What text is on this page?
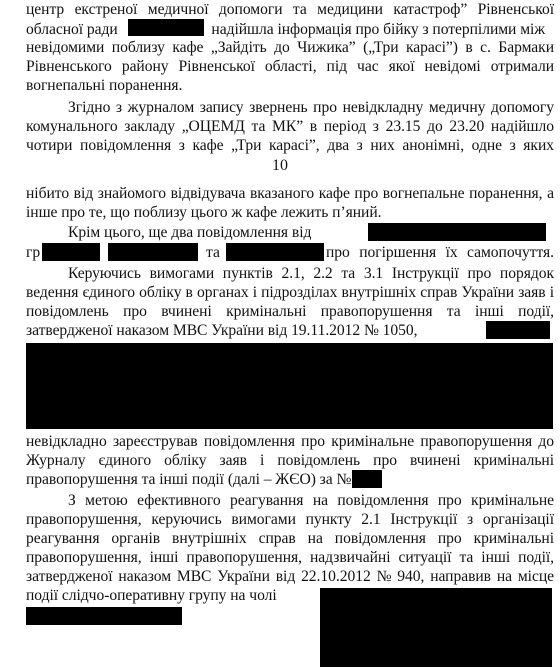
центр екстреної медичної допомоги та медицини катастроф” Рівненської
обласної ради	надійшла інформація про бійку з потерпілими між
невідомими поблизу кафе „Зайдіть до Чижика” („Три карасі”) в с. Бармаки
Рівненського району Рівненської області, під час якої невідомі отримали
вогнепальні поранення.
Згідно з журналом запису звернень про невідкладну медичну допомогу
комунального закладу „ОЦЕМД та МК” в період з 23.15 до 23.20 надійшло
чотири повідомлення з кафе „Три карасі”, два з них анонімні, одне з яких
10
нібито від знайомого відвідувача вказаного кафе про вогнепальне поранення, а
інше про те, що поблизу цього ж кафе лежить п’яний.
Крім цього, ще два повідомлення від
гр	та	про погіршення їх самопочуття.
Керуючись вимогами пунктів 2.1, 2.2 та 3.1 Інструкції про порядок
ведення єдиного обліку в органах і підрозділах внутрішніх справ України заяв і
повідомлень про вчинені кримінальні правопорушення та інші події,
затвердженої наказом МВС України від 19.11.2012 № 1050,
невідкладно зареєстрував повідомлення про кримінальне правопорушення до
Журналу єдиного обліку заяв і повідомлень про вчинені кримінальні
правопорушення та інші події (далі – ЖЄО) за №
З метою ефективного реагування на повідомлення про кримінальне
правопорушення, керуючись вимогами пункту 2.1 Інструкції з організації
реагування органів внутрішніх справ на повідомлення про кримінальні
правопорушення, інші правопорушення, надзвичайні ситуації та інші події,
затвердженої наказом МВС України від 22.10.2012 № 940, направив на місце
події слідчо-оперативну групу на чолі
